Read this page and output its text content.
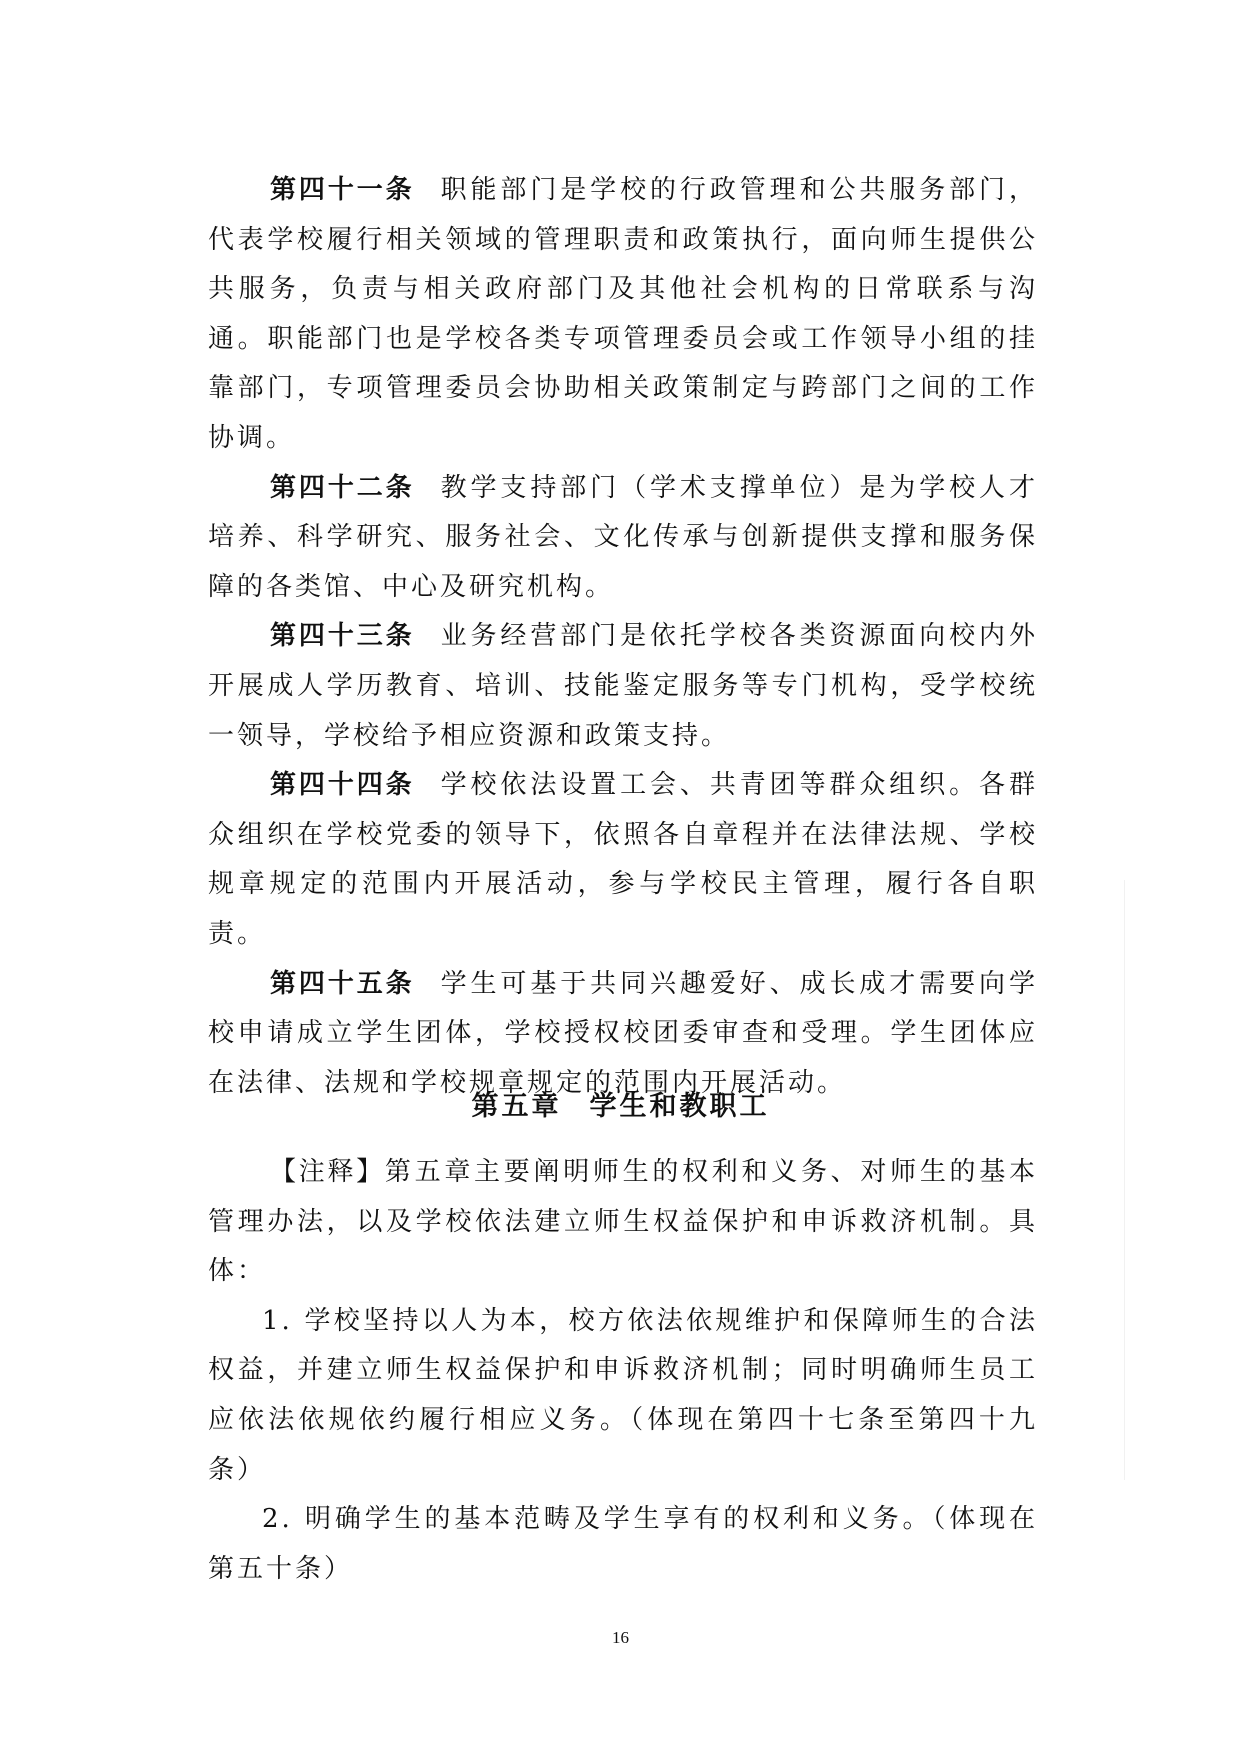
第四十一条 职能部门是学校的行政管理和公共服务部门，代表学校履行相关领域的管理职责和政策执行，面向师生提供公共服务，负责与相关政府部门及其他社会机构的日常联系与沟通。职能部门也是学校各类专项管理委员会或工作领导小组的挂靠部门，专项管理委员会协助相关政策制定与跨部门之间的工作协调。

第四十二条 教学支持部门（学术支撑单位）是为学校人才培养、科学研究、服务社会、文化传承与创新提供支撑和服务保障的各类馆、中心及研究机构。

第四十三条 业务经营部门是依托学校各类资源面向校内外开展成人学历教育、培训、技能鉴定服务等专门机构，受学校统一领导，学校给予相应资源和政策支持。

第四十四条 学校依法设置工会、共青团等群众组织。各群众组织在学校党委的领导下，依照各自章程并在法律法规、学校规章规定的范围内开展活动，参与学校民主管理，履行各自职责。

第四十五条 学生可基于共同兴趣爱好、成长成才需要向学校申请成立学生团体，学校授权校团委审查和受理。学生团体应在法律、法规和学校规章规定的范围内开展活动。

第五章 学生和教职工

【注释】第五章主要阐明师生的权利和义务、对师生的基本管理办法，以及学校依法建立师生权益保护和申诉救济机制。具体：

1. 学校坚持以人为本，校方依法依规维护和保障师生的合法权益，并建立师生权益保护和申诉救济机制；同时明确师生员工应依法依规依约履行相应义务。（体现在第四十七条至第四十九条）

2. 明确学生的基本范畴及学生享有的权利和义务。（体现在第五十条）

16
